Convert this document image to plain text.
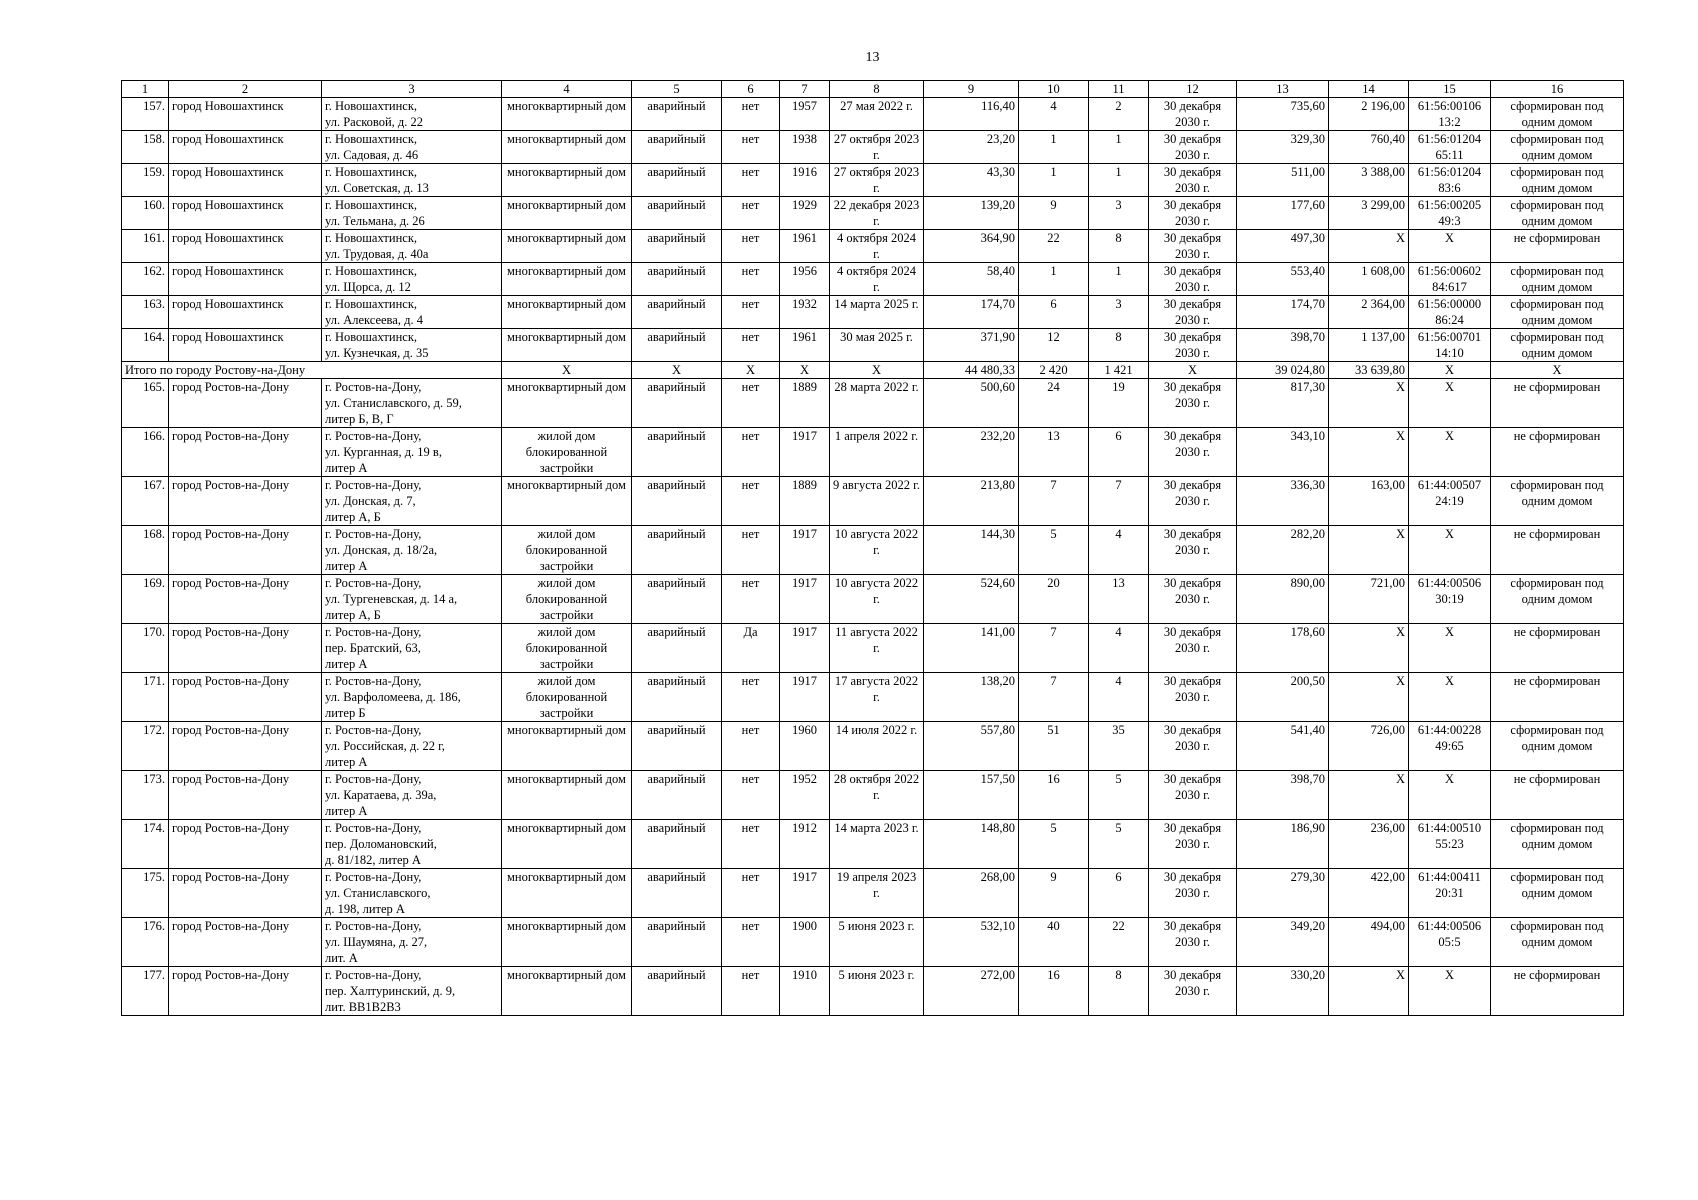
13
1	2	3	4	5	6	7	8	9	10	11	12	13	14	15	16
157.	город Новошахтинск	г. Новошахтинск,
ул. Расковой, д. 22	многоквартирный дом	аварийный	нет	1957	27 мая 2022 г.	116,40	4	2	30 декабря 2030 г.	735,60	2 196,00	61:56:00106 13:2	сформирован под одним домом
158.	город Новошахтинск	г. Новошахтинск,
ул. Садовая, д. 46	многоквартирный дом	аварийный	нет	1938	27 октября 2023 г.	23,20	1	1	30 декабря 2030 г.	329,30	760,40	61:56:01204 65:11	сформирован под одним домом
159.	город Новошахтинск	г. Новошахтинск,
ул. Советская, д. 13	многоквартирный дом	аварийный	нет	1916	27 октября 2023 г.	43,30	1	1	30 декабря 2030 г.	511,00	3 388,00	61:56:01204 83:6	сформирован под одним домом
160.	город Новошахтинск	г. Новошахтинск,
ул. Тельмана, д. 26	многоквартирный дом	аварийный	нет	1929	22 декабря 2023 г.	139,20	9	3	30 декабря 2030 г.	177,60	3 299,00	61:56:00205 49:3	сформирован под одним домом
161.	город Новошахтинск	г. Новошахтинск,
ул. Трудовая, д. 40а	многоквартирный дом	аварийный	нет	1961	4 октября 2024 г.	364,90	22	8	30 декабря 2030 г.	497,30	Х	Х	не сформирован
162.	город Новошахтинск	г. Новошахтинск,
ул. Щорса, д. 12	многоквартирный дом	аварийный	нет	1956	4 октября 2024 г.	58,40	1	1	30 декабря 2030 г.	553,40	1 608,00	61:56:00602 84:617	сформирован под одним домом
163.	город Новошахтинск	г. Новошахтинск,
ул. Алексеева, д. 4	многоквартирный дом	аварийный	нет	1932	14 марта 2025 г.	174,70	6	3	30 декабря 2030 г.	174,70	2 364,00	61:56:00000 86:24	сформирован под одним домом
164.	город Новошахтинск	г. Новошахтинск,
ул. Кузнечкая, д. 35	многоквартирный дом	аварийный	нет	1961	30 мая 2025 г.	371,90	12	8	30 декабря 2030 г.	398,70	1 137,00	61:56:00701 14:10	сформирован под одним домом
Итого по городу Ростову-на-Дону			Х	Х	Х	Х	Х	44 480,33	2 420	1 421	Х	39 024,80	33 639,80	Х	Х
165.	город Ростов-на-Дону	г. Ростов-на-Дону,
ул. Станиславского, д. 59,
литер Б, В, Г	многоквартирный дом	аварийный	нет	1889	28 марта 2022 г.	500,60	24	19	30 декабря 2030 г.	817,30	Х	Х	не сформирован
166.	город Ростов-на-Дону	г. Ростов-на-Дону,
ул. Курганная, д. 19 в,
литер А	жилой дом блокированной застройки	аварийный	нет	1917	1 апреля 2022 г.	232,20	13	6	30 декабря 2030 г.	343,10	Х	Х	не сформирован
167.	город Ростов-на-Дону	г. Ростов-на-Дону,
ул. Донская, д. 7,
литер А, Б	многоквартирный дом	аварийный	нет	1889	9 августа 2022 г.	213,80	7	7	30 декабря 2030 г.	336,30	163,00	61:44:00507 24:19	сформирован под одним домом
168.	город Ростов-на-Дону	г. Ростов-на-Дону,
ул. Донская, д. 18/2а,
литер А	жилой дом блокированной застройки	аварийный	нет	1917	10 августа 2022 г.	144,30	5	4	30 декабря 2030 г.	282,20	Х	Х	не сформирован
169.	город Ростов-на-Дону	г. Ростов-на-Дону,
ул. Тургеневская, д. 14 а,
литер А, Б	жилой дом блокированной застройки	аварийный	нет	1917	10 августа 2022 г.	524,60	20	13	30 декабря 2030 г.	890,00	721,00	61:44:00506 30:19	сформирован под одним домом
170.	город Ростов-на-Дону	г. Ростов-на-Дону,
пер. Братский, 63,
литер А	жилой дом блокированной застройки	аварийный	Да	1917	11 августа 2022 г.	141,00	7	4	30 декабря 2030 г.	178,60	Х	Х	не сформирован
171.	город Ростов-на-Дону	г. Ростов-на-Дону,
ул. Варфоломеева, д. 186,
литер Б	жилой дом блокированной застройки	аварийный	нет	1917	17 августа 2022 г.	138,20	7	4	30 декабря 2030 г.	200,50	Х	Х	не сформирован
172.	город Ростов-на-Дону	г. Ростов-на-Дону,
ул. Российская, д. 22 г,
литер А	многоквартирный дом	аварийный	нет	1960	14 июля 2022 г.	557,80	51	35	30 декабря 2030 г.	541,40	726,00	61:44:00228 49:65	сформирован под одним домом
173.	город Ростов-на-Дону	г. Ростов-на-Дону,
ул. Каратаева, д. 39а,
литер А	многоквартирный дом	аварийный	нет	1952	28 октября 2022 г.	157,50	16	5	30 декабря 2030 г.	398,70	Х	Х	не сформирован
174.	город Ростов-на-Дону	г. Ростов-на-Дону,
пер. Доломановский,
д. 81/182, литер А	многоквартирный дом	аварийный	нет	1912	14 марта 2023 г.	148,80	5	5	30 декабря 2030 г.	186,90	236,00	61:44:00510 55:23	сформирован под одним домом
175.	город Ростов-на-Дону	г. Ростов-на-Дону,
ул. Станиславского,
д. 198, литер А	многоквартирный дом	аварийный	нет	1917	19 апреля 2023 г.	268,00	9	6	30 декабря 2030 г.	279,30	422,00	61:44:00411 20:31	сформирован под одним домом
176.	город Ростов-на-Дону	г. Ростов-на-Дону,
ул. Шаумяна, д. 27,
лит. А	многоквартирный дом	аварийный	нет	1900	5 июня 2023 г.	532,10	40	22	30 декабря 2030 г.	349,20	494,00	61:44:00506 05:5	сформирован под одним домом
177.	город Ростов-на-Дону	г. Ростов-на-Дону,
пер. Халтуринский, д. 9,
лит. ВВ1В2В3	многоквартирный дом	аварийный	нет	1910	5 июня 2023 г.	272,00	16	8	30 декабря 2030 г.	330,20	Х	Х	не сформирован
